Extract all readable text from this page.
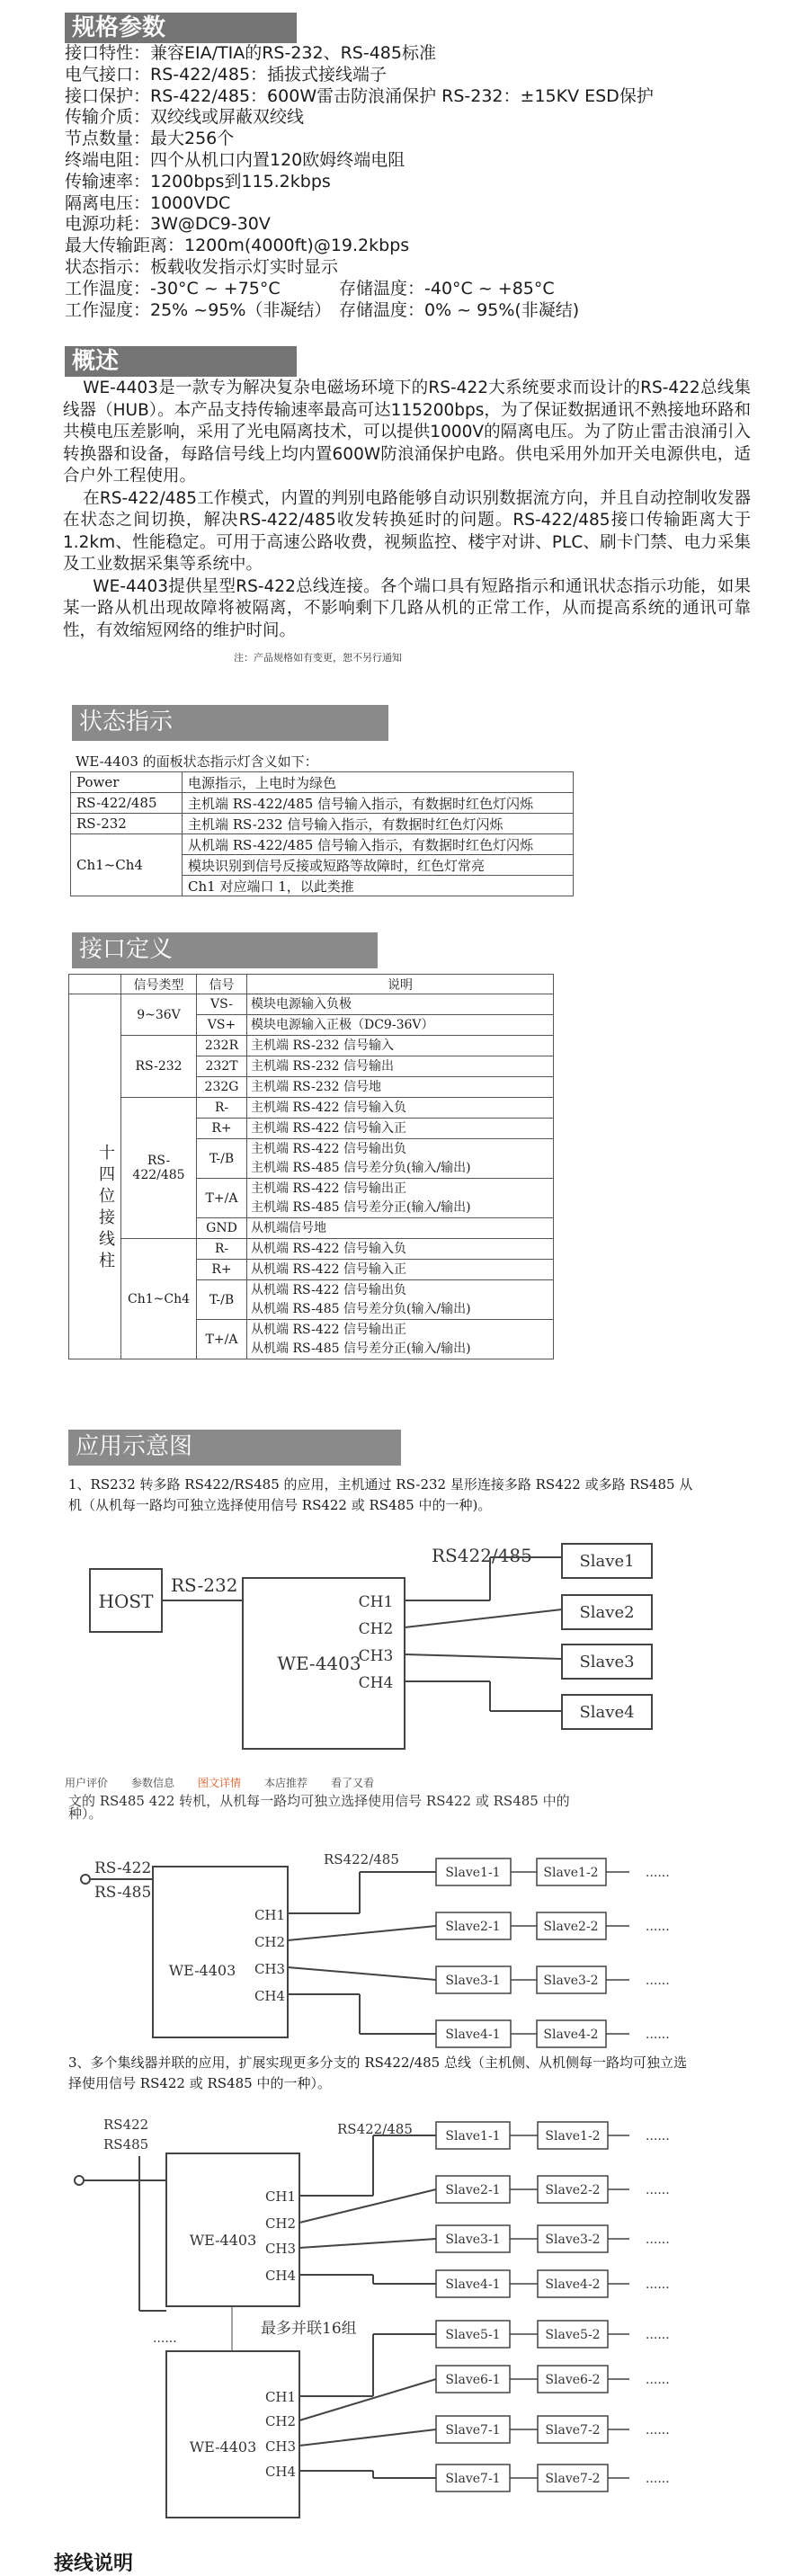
规格参数
接口特性：兼容EIA/TIA的RS-232、RS-485标准
电气接口：RS-422/485：插拔式接线端子
接口保护：RS-422/485：600W雷击防浪涌保护 RS-232：±15KV ESD保护
传输介质：双绞线或屏蔽双绞线
节点数量：最大256个
终端电阻：四个从机口内置120欧姆终端电阻
传输速率：1200bps到115.2kbps
隔离电压：1000VDC
电源功耗：3W@DC9-30V
最大传输距离：1200m(4000ft)@19.2kbps
状态指示：板载收发指示灯实时显示
工作温度：-30°C ~ +75°C	存储温度：-40°C ~ +85°C
工作湿度：25% ~95%（非凝结） 存储温度：0% ~ 95%(非凝结)
概述

WE-4403是一款专为解决复杂电磁场环境下的RS-422大系统要求而设计的RS-422总线集线器（HUB）。本产品支持传输速率最高可达115200bps，为了保证数据通讯不熟接地环路和共模电压差影响，采用了光电隔离技术，可以提供1000V的隔离电压。为了防止雷击浪涌引入转换器和设备，每路信号线上均内置600W防浪涌保护电路。供电采用外加开关电源供电，适合户外工程使用。

在RS-422/485工作模式，内置的判别电路能够自动识别数据流方向，并且自动控制收发器在状态之间切换，解决RS-422/485收发转换延时的问题。RS-422/485接口传输距离大于1.2km、性能稳定。可用于高速公路收费，视频监控、楼宇对讲、PLC、刷卡门禁、电力采集及工业数据采集等系统中。

WE-4403提供星型RS-422总线连接。各个端口具有短路指示和通讯状态指示功能，如果某一路从机出现故障将被隔离，不影响剩下几路从机的正常工作，从而提高系统的通讯可靠性，有效缩短网络的维护时间。

注：产品规格如有变更，恕不另行通知
状态指示
WE-4403 的面板状态指示灯含义如下：
Power	电源指示，上电时为绿色
RS-422/485	主机端 RS-422/485 信号输入指示，有数据时红色灯闪烁
RS-232	主机端 RS-232 信号输入指示，有数据时红色灯闪烁
Ch1~Ch4	从机端 RS-422/485 信号输入指示，有数据时红色灯闪烁
	模块识别到信号反接或短路等故障时，红色灯常亮
	Ch1 对应端口 1，以此类推
接口定义
	信号类型	信号	说明
十四位接线柱	9~36V	VS-	模块电源输入负极

		VS+	模块电源输入正极（DC9-36V）

	RS-232	232R	主机端 RS-232 信号输入

		232T	主机端 RS-232 信号输出

		232G	主机端 RS-232 信号地

	RS-422/485	R-	主机端 RS-422 信号输入负

		R+	主机端 RS-422 信号输入正

		T-/B	主机端 RS-422 信号输出负
主机端 RS-485 信号差分负(输入/输出)

		T+/A	主机端 RS-422 信号输出正
主机端 RS-485 信号差分正(输入/输出)

		GND	从机端信号地

	Ch1~Ch4	R-	从机端 RS-422 信号输入负

		R+	从机端 RS-422 信号输入正

		T-/B	从机端 RS-422 信号输出负
从机端 RS-485 信号差分负(输入/输出)

		T+/A	从机端 RS-422 信号输出正
从机端 RS-485 信号差分正(输入/输出)
应用示意图
1、RS232 转多路 RS422/RS485 的应用，主机通过 RS-232 星形连接多路 RS422 或多路 RS485 从机（从机每一路均可独立选择使用信号 RS422 或 RS485 中的一种)。
HOST
RS-232
WE-4403
RS422/485
CH1
CH2
CH3
CH4
Slave1
Slave2
Slave3
Slave4
用户评价 参数信息 图文详情 本店推荐 看了又看
文的 RS485 422 转机，从机每一路均可独立选择使用信号 RS422 或 RS485 中的
种）。
RS-422
RS-485
WE-4403
RS422/485
CH1
CH2
CH3
CH4
Slave1-1	Slave1-2	......
Slave2-1	Slave2-2	......
Slave3-1	Slave3-2	......
Slave4-1	Slave4-2	......
3、多个集线器并联的应用，扩展实现更多分支的 RS422/485 总线（主机侧、从机侧每一路均可独立选择使用信号 RS422 或 RS485 中的一种）。
RS422
RS485
WE-4403
WE-4403
RS422/485
......
最多并联16组
CH1
CH1
CH2
CH2
CH3
CH3
CH4
CH4
Slave1-1	Slave1-2	......
Slave2-1	Slave2-2	......
Slave3-1	Slave3-2	......
Slave4-1	Slave4-2	......
Slave5-1	Slave5-2	......
Slave6-1	Slave6-2	......
Slave7-1	Slave7-2	......
Slave7-1	Slave7-2	......
接线说明
